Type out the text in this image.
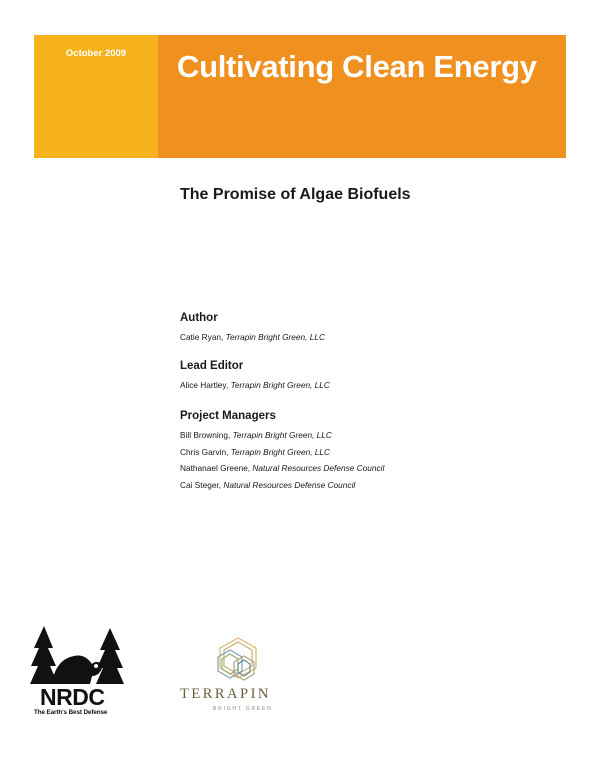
October 2009	Cultivating Clean Energy
The Promise of Algae Biofuels
Author
Catie Ryan, Terrapin Bright Green, LLC
Lead Editor
Alice Hartley, Terrapin Bright Green, LLC
Project Managers
Bill Browning, Terrapin Bright Green, LLC
Chris Garvin, Terrapin Bright Green, LLC
Nathanael Greene, Natural Resources Defense Council
Cai Steger, Natural Resources Defense Council
NRDC
The Earth's Best Defense
TERRAPIN
BRIGHT GREEN
